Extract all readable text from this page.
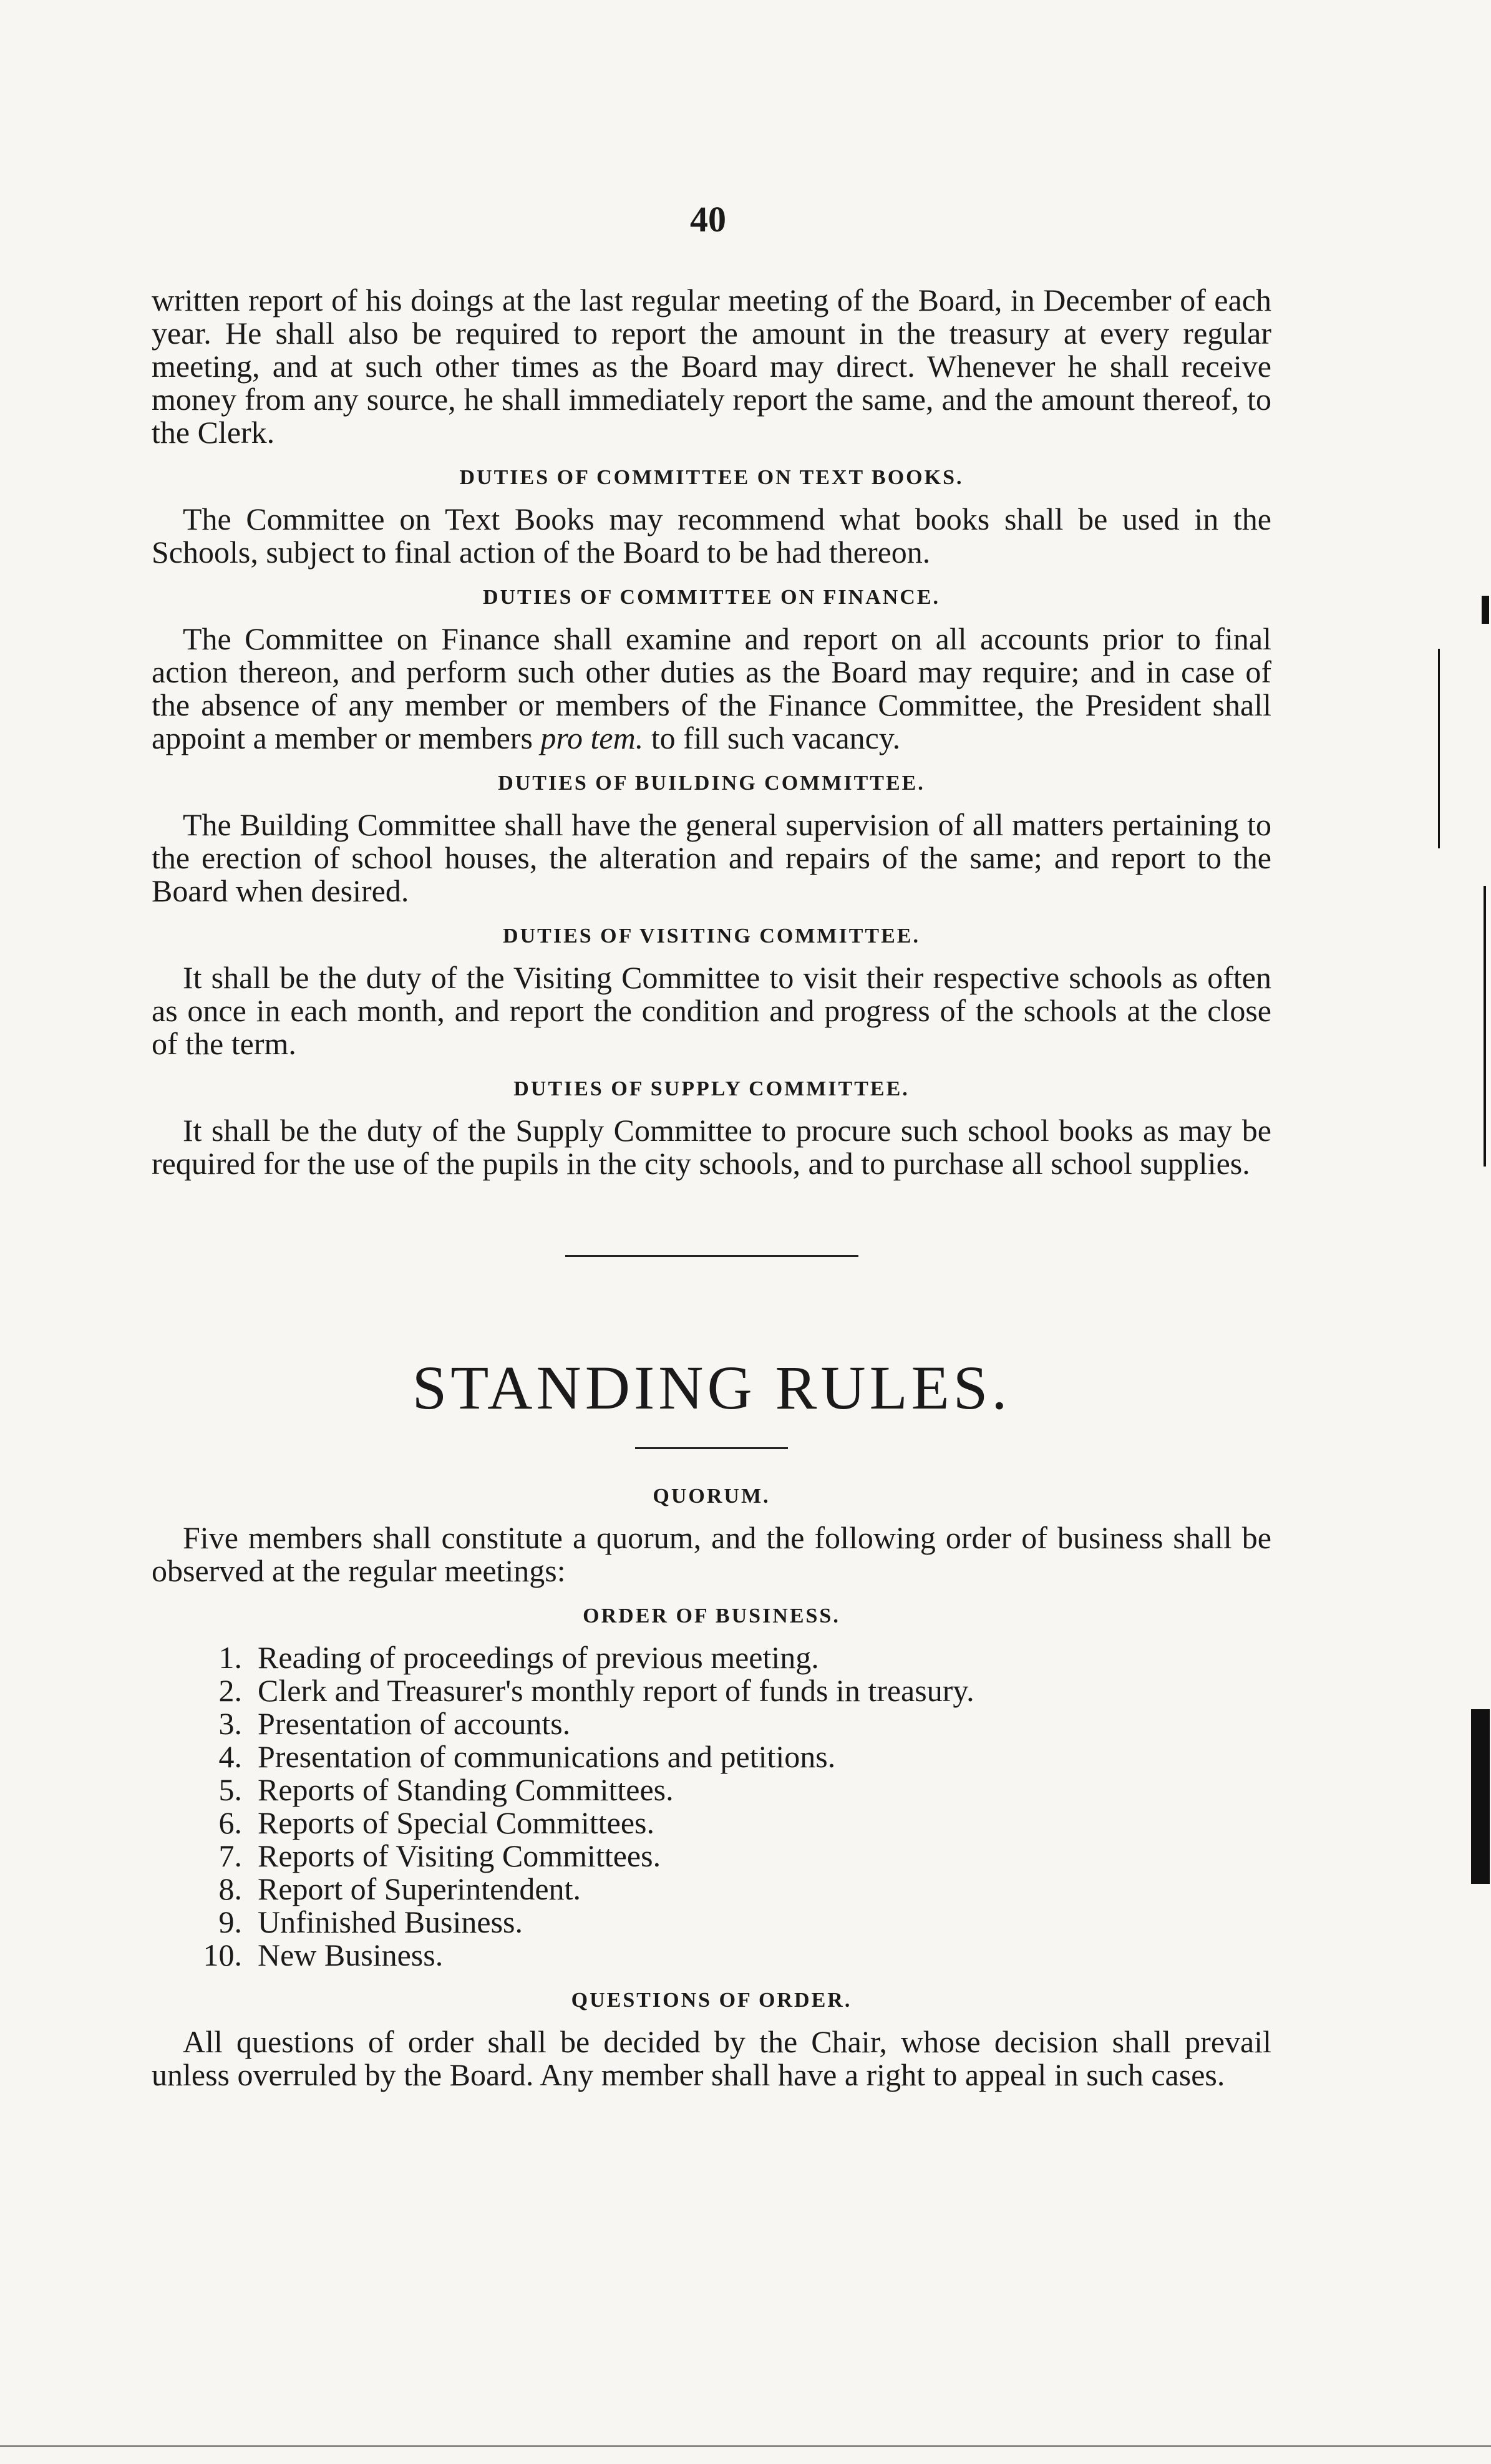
40

written report of his doings at the last regular meeting of the Board, in December of each year. He shall also be required to report the amount in the treasury at every regular meeting, and at such other times as the Board may direct. Whenever he shall receive money from any source, he shall immediately report the same, and the amount thereof, to the Clerk.

DUTIES OF COMMITTEE ON TEXT BOOKS.

The Committee on Text Books may recommend what books shall be used in the Schools, subject to final action of the Board to be had thereon.

DUTIES OF COMMITTEE ON FINANCE.

The Committee on Finance shall examine and report on all accounts prior to final action thereon, and perform such other duties as the Board may require; and in case of the absence of any member or members of the Finance Committee, the President shall appoint a member or members pro tem. to fill such vacancy.

DUTIES OF BUILDING COMMITTEE.

The Building Committee shall have the general supervision of all matters pertaining to the erection of school houses, the alteration and repairs of the same; and report to the Board when desired.

DUTIES OF VISITING COMMITTEE.

It shall be the duty of the Visiting Committee to visit their respective schools as often as once in each month, and report the condition and progress of the schools at the close of the term.

DUTIES OF SUPPLY COMMITTEE.

It shall be the duty of the Supply Committee to procure such school books as may be required for the use of the pupils in the city schools, and to purchase all school supplies.

STANDING RULES.
QUORUM.

Five members shall constitute a quorum, and the following order of business shall be observed at the regular meetings:

ORDER OF BUSINESS.
1. Reading of proceedings of previous meeting.
2. Clerk and Treasurer's monthly report of funds in treasury.
3. Presentation of accounts.
4. Presentation of communications and petitions.
5. Reports of Standing Committees.
6. Reports of Special Committees.
7. Reports of Visiting Committees.
8. Report of Superintendent.
9. Unfinished Business.
10. New Business.
QUESTIONS OF ORDER.

All questions of order shall be decided by the Chair, whose decision shall prevail unless overruled by the Board. Any member shall have a right to appeal in such cases.
